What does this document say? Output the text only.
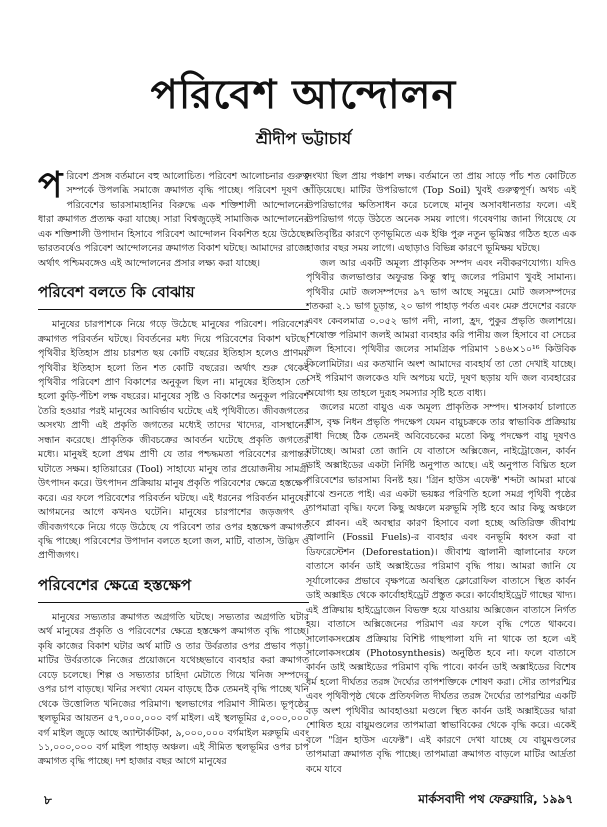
পরিবেশ আন্দোলন
শ্রীদীপ ভট্টাচার্য

পরিবেশ প্রসঙ্গ বর্তমানে বহু আলোচিত। পরিবেশ আলোচনার গুরুত্ব সম্পর্কে উপলব্ধি সমাজে ক্রমাগত বৃদ্ধি পাচ্ছে। পরিবেশ দূষণ ও পরিবেশের ভারসাম্যহানির বিরুদ্ধে এক শক্তিশালী আন্দোলনের ধারা ক্রমাগত প্রত্যক্ষ করা যাচ্ছে। সারা বিশ্বজুড়েই সামাজিক আন্দোলনের এক শক্তিশালী উপাদান হিসাবে পরিবেশ আন্দোলন বিকশিত হয়ে উঠেছে। ভারতবর্ষেও পরিবেশ আন্দোলনের ক্রমাগত বিকাশ ঘটছে। আমাদের রাজ্যে অর্থাৎ পশ্চিমবঙ্গেও এই আন্দোলনের প্রসার লক্ষ্য করা যাচ্ছে।

পরিবেশ বলতে কি বোঝায়

মানুষের চারপাশকে নিয়ে গড়ে উঠেছে মানুষের পরিবেশ। পরিবেশের ক্রমাগত পরিবর্তন ঘটছে। বিবর্তনের মধ্য দিয়ে পরিবেশের বিকাশ ঘটছে। পৃথিবীর ইতিহাস প্রায় চারশত ছয় কোটি বছরের ইতিহাস হলেও প্রাণময় পৃথিবীর ইতিহাস হলো তিন শত কোটি বছরের। অর্থাৎ শুরু থেকেই পৃথিবীর পরিবেশ প্রাণ বিকাশের অনুকূল ছিল না। মানুষের ইতিহাস তো হলো কুড়ি-পঁচিশ লক্ষ বছরের। মানুষের সৃষ্টি ও বিকাশের অনুকূল পরিবেশ তৈরি হওয়ার পরই মানুষের আবির্ভাব ঘটেছে এই পৃথিবীতে। জীবজগতের অসংখ্য প্রাণী এই প্রকৃতি জগতের মধ্যেই তাদের খাদ্যের, বাসস্থানের সন্ধান করেছে। প্রাকৃতিক জীবচক্রের আবর্তন ঘটেছে প্রকৃতি জগতের মধ্যে। মানুষই হলো প্রথম প্রাণী যে তার পশ্চদ্ধমতা পরিবেশের রূপান্তর ঘটাতে সক্ষম। হাতিয়ারের (Tool) সাহায্যে মানুষ তার প্রয়োজনীয় সামগ্রী উৎপাদন করে। উৎপাদন প্রক্রিয়ায় মানুষ প্রকৃতি পরিবেশের ক্ষেত্রে হস্তক্ষেপ করে। এর ফলে পরিবেশের পরিবর্তন ঘটছে। এই ধরনের পরিবর্তন মানুষের আগমনের আগে কখনও ঘটেনি। মানুষের চারপাশের জড়জগৎ ও জীবজগৎকে নিয়ে গড়ে উঠেছে যে পরিবেশ তার ওপর হস্তক্ষেপ ক্রমাগত বৃদ্ধি পাচ্ছে। পরিবেশের উপাদান বলতে হলো জল, মাটি, বাতাস, উদ্ভিদ ও প্রাণীজগৎ।

পরিবেশের ক্ষেত্রে হস্তক্ষেপ

মানুষের সভ্যতার ক্রমাগত অগ্রগতি ঘটছে। সভ্যতার অগ্রগতি ঘটার অর্থ মানুষের প্রকৃতি ও পরিবেশের ক্ষেত্রে হস্তক্ষেপ ক্রমাগত বৃদ্ধি পাচ্ছে। কৃষি কাজের বিকাশ ঘটার অর্থ মাটি ও তার উর্বরতার ওপর প্রভাব পড়া। মাটির উর্বরতাকে নিজের প্রয়োজনে যথেচ্ছভাবে ব্যবহার করা ক্রমাগত বেড়ে চলেছে। শিল্প ও সভ্যতার চাহিদা মেটাতে গিয়ে খনিজ সম্পদের ওপর চাপ বাড়ছে। খনির সংখ্যা যেমন বাড়ছে ঠিক তেমনই বৃদ্ধি পাচ্ছে খনি থেকে উত্তোলিত খনিজের পরিমাণ। স্থলভাগের পরিমাণ সীমিত। ভূপৃষ্ঠের স্থলভূমির আয়তন ৫৭,০০০,০০০ বর্গ মাইল। এই স্থলভূমির ৫,০০০,০০০ বর্গ মাইল জুড়ে আছে অ্যান্টার্কটিকা, ৯,০০০,০০০ বর্গমাইল মরুভূমি এবং ১১,০০০,০০০ বর্গ মাইল পাহাড় অঞ্চল। এই সীমিত স্থলভূমির ওপর চাপ ক্রমাগত বৃদ্ধি পাচ্ছে। দশ হাজার বছর আগে মানুষের

সংখ্যা ছিল প্রায় পঞ্চাশ লক্ষ। বর্তমানে তা প্রায় সাড়ে পাঁচ শত কোটিতে দাঁড়িয়েছে। মাটির উপরিভাগে (Top Soil) খুবই গুরুত্বপূর্ণ। অথচ এই উপরিভাগের ক্ষতিসাধন করে চলেছে মানুষ অসাবধানতার ফলে। এই উপরিভাগ গড়ে উঠতে অনেক সময় লাগে। গবেষণায় জানা গিয়েছে যে অতিবৃষ্টির কারণে তৃণভূমিতে এক ইঞ্চি পুরু নতুন ভূমিস্তর গঠিত হতে এক হাজার বছর সময় লাগে। এছাড়াও বিভিন্ন কারণে ভূমিক্ষয় ঘটছে।

জল আর একটি অমূল্য প্রাকৃতিক সম্পদ এবং নবীকরণযোগ্য। যদিও পৃথিবীর জলভাণ্ডার অফুরন্ত কিন্তু স্বাদু জলের পরিমাণ খুবই সামান্য। পৃথিবীর মোট জলসম্পদের ৯৭ ভাগ আছে সমুদ্রে। মোট জলসম্পদের শতকরা ২.১ ভাগ চূড়ান্ত, ২০ ভাগ পাহাড় পর্বত এবং মেরু প্রদেশের বরফে এবং কেবলমাত্র ০.০৫২ ভাগ নদী, নালা, হ্রদ, পুকুর প্রভৃতি জলাশয়ে। শেষোক্ত পরিমাণ জলই আমরা ব্যবহার করি পানীয় জল হিসাবে বা সেচের জল হিসাবে। পৃথিবীর জলের সামগ্রিক পরিমাণ ১৪৬×১০¹⁶ কিউবিক কিলোমিটার। এর কতখানি অংশ আমাদের ব্যবহার্য তা তো দেখাই যাচ্ছে। সেই পরিমাণ জলকেও যদি অপচয় ঘটে, দূষণ ছড়ায় যদি জল ব্যবহারের অযোগ্য হয় তাহলে দুরূহ সমস্যার সৃষ্টি হতে বাধ্য।

জলের মতো বায়ুও এক অমূল্য প্রাকৃতিক সম্পদ। শ্বাসকার্য চালাতে শ্বাস, বৃক্ষ নিধন প্রভৃতি পদক্ষেপ যেমন বায়ুচক্রকে তার স্বাভাবিক প্রক্রিয়ায় বাধা দিচ্ছে ঠিক তেমনই অবিবেচকের মতো কিছু পদক্ষেপ বায়ু দূষণও ঘটাচ্ছে। আমরা তো জানি যে বাতাসে অক্সিজেন, নাইট্রোজেন, কার্বন ডাই অক্সাইডের একটা নির্দিষ্ট অনুপাত আছে। এই অনুপাত বিঘ্নিত হলে পরিবেশের ভারসাম্য বিনষ্ট হয়। 'গ্রিন হাউস এফেক্ট' শব্দটা আমরা মাঝে মাঝে শুনতে পাই। এর একটা ভয়ঙ্কর পরিণতি হলো সমগ্র পৃথিবী পৃষ্ঠের তাপমাত্রা বৃদ্ধি। ফলে কিছু অঞ্চলে মরুভূমি সৃষ্টি হবে আর কিছু অঞ্চলে হবে প্লাবন। এই অবস্থার কারণ হিসাবে বলা হচ্ছে অতিরিক্ত জীবাশ্ম জ্বালানি (Fossil Fuels)-র ব্যবহার এবং বনভূমি ধ্বংস করা বা ডিফরেস্টেশন (Deforestation)। জীবাশ্ম জ্বালানী জ্বালানোর ফলে বাতাসে কার্বন ডাই অক্সাইডের পরিমাণ বৃদ্ধি পায়। আমরা জানি যে সূর্যালোকের প্রভাবে বৃক্ষপত্রে অবস্থিত ক্লোরোফিল বাতাসে স্থিত কার্বন ডাই অক্সাইড থেকে কার্বোহাইড্রেট প্রস্তুত করে। কার্বোহাইড্রেট গাছের খাদ্য। এই প্রক্রিয়ায় হাইড্রোজেন বিভক্ত হয়ে যাওয়ায় অক্সিজেন বাতাসে নির্গত হয়। বাতাসে অক্সিজেনের পরিমাণ এর ফলে বৃদ্ধি পেতে থাকবে। সালোকসংশ্লেষ প্রক্রিয়ায় বিশিষ্ট গাছপালা যদি না থাকে তা হলে এই সালোকসংশ্লেষ (Photosynthesis) অনুষ্ঠিত হবে না। ফলে বাতাসে কার্বন ডাই অক্সাইডের পরিমাণ বৃদ্ধি পাবে। কার্বন ডাই অক্সাইডের বিশেষ ধর্ম হলো দীর্ঘতর তরঙ্গ দৈর্ঘ্যের তাপশক্তিকে শোষণ করা। সৌর তাপরশ্মির এবং পৃথিবীপৃষ্ঠ থেকে প্রতিফলিত দীর্ঘতর তরঙ্গ দৈর্ঘ্যের তাপরশ্মির একটি বড় অংশ পৃথিবীর আবহাওয়া মণ্ডলে স্থিত কার্বন ডাই অক্সাইডের দ্বারা শোষিত হয়ে বায়ুমণ্ডলের তাপমাত্রা স্বাভাবিকের থেকে বৃদ্ধি করে। একেই বলে "গ্রিন হাউস এফেক্ট"। এই কারণে দেখা যাচ্ছে যে বায়ুমণ্ডলের তাপমাত্রা ক্রমাগত বৃদ্ধি পাচ্ছে। তাপমাত্রা ক্রমাগত বাড়লে মাটির আর্দ্রতা কমে যাবে

৮	মার্কসবাদী পথ ফেব্রুয়ারি, ১৯৯৭
